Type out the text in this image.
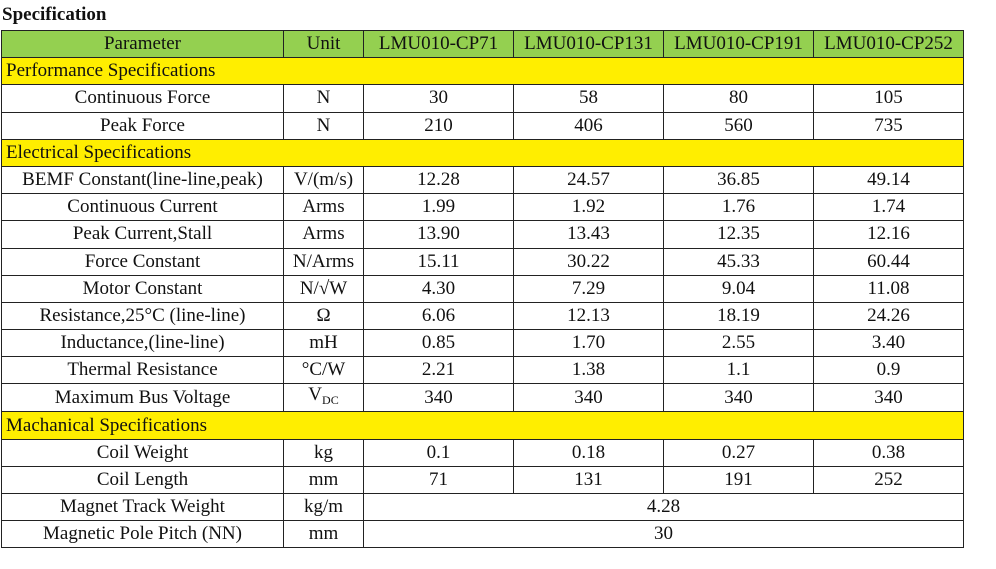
Specification
Parameter	Unit	LMU010-CP71	LMU010-CP131	LMU010-CP191	LMU010-CP252
Performance Specifications					
Continuous Force	N	30	58	80	105
Peak Force	N	210	406	560	735
Electrical Specifications					
BEMF Constant(line-line,peak)	V/(m/s)	12.28	24.57	36.85	49.14
Continuous Current	Arms	1.99	1.92	1.76	1.74
Peak Current,Stall	Arms	13.90	13.43	12.35	12.16
Force Constant	N/Arms	15.11	30.22	45.33	60.44
Motor Constant	N/√W	4.30	7.29	9.04	11.08
Resistance,25°C (line-line)	Ω	6.06	12.13	18.19	24.26
Inductance,(line-line)	mH	0.85	1.70	2.55	3.40
Thermal Resistance	°C/W	2.21	1.38	1.1	0.9
Maximum Bus Voltage	$V_{DC}$	340	340	340	340
Machanical Specifications					
Coil Weight	kg	0.1	0.18	0.27	0.38
Coil Length	mm	71	131	191	252
Magnet Track Weight	kg/m	4.28			
Magnetic Pole Pitch (NN)	mm	30			
